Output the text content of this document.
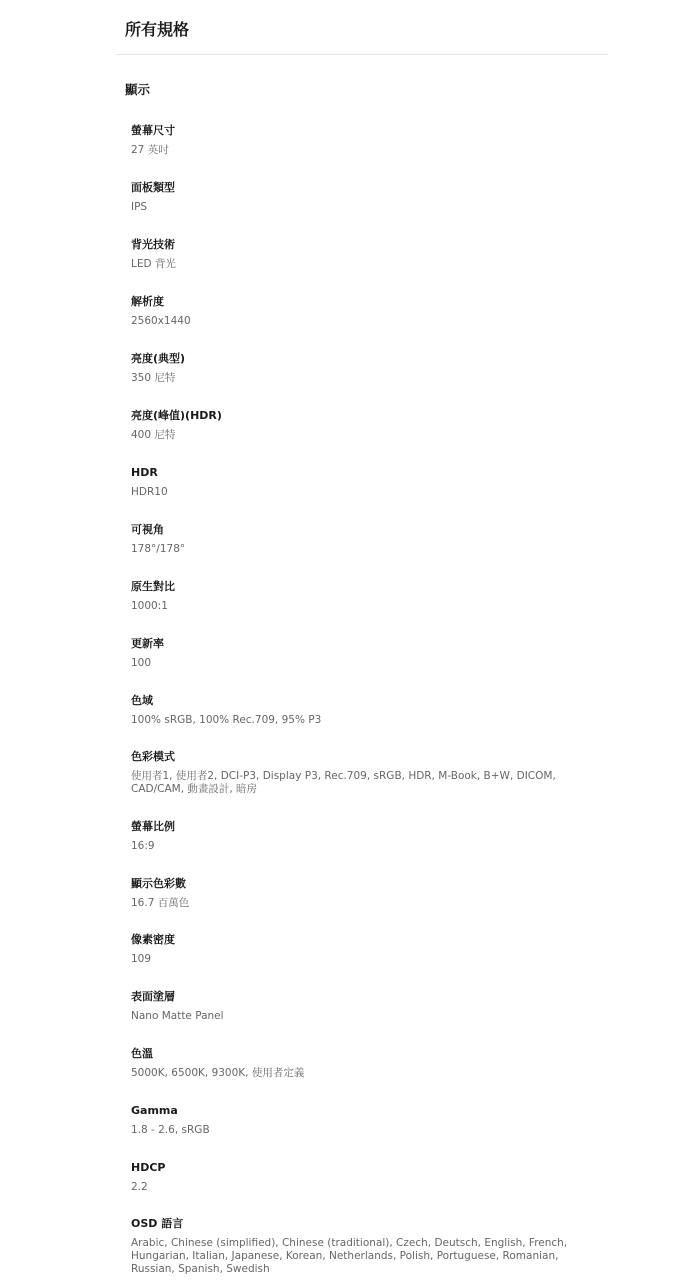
所有規格
顯示
螢幕尺寸
27 英吋
面板類型
IPS
背光技術
LED 背光
解析度
2560x1440
亮度(典型)
350 尼特
亮度(峰值)(HDR)
400 尼特
HDR
HDR10
可視角
178°/178°
原生對比
1000:1
更新率
100
色域
100% sRGB, 100% Rec.709, 95% P3
色彩模式
使用者1, 使用者2, DCI-P3, Display P3, Rec.709, sRGB, HDR, M-Book, B+W, DICOM, CAD/CAM, 動畫設計, 暗房
螢幕比例
16:9
顯示色彩數
16.7 百萬色
像素密度
109
表面塗層
Nano Matte Panel
色溫
5000K, 6500K, 9300K, 使用者定義
Gamma
1.8 - 2.6, sRGB
HDCP
2.2
OSD 語言
Arabic, Chinese (simplified), Chinese (traditional), Czech, Deutsch, English, French, Hungarian, Italian, Japanese, Korean, Netherlands, Polish, Portuguese, Romanian, Russian, Spanish, Swedish
